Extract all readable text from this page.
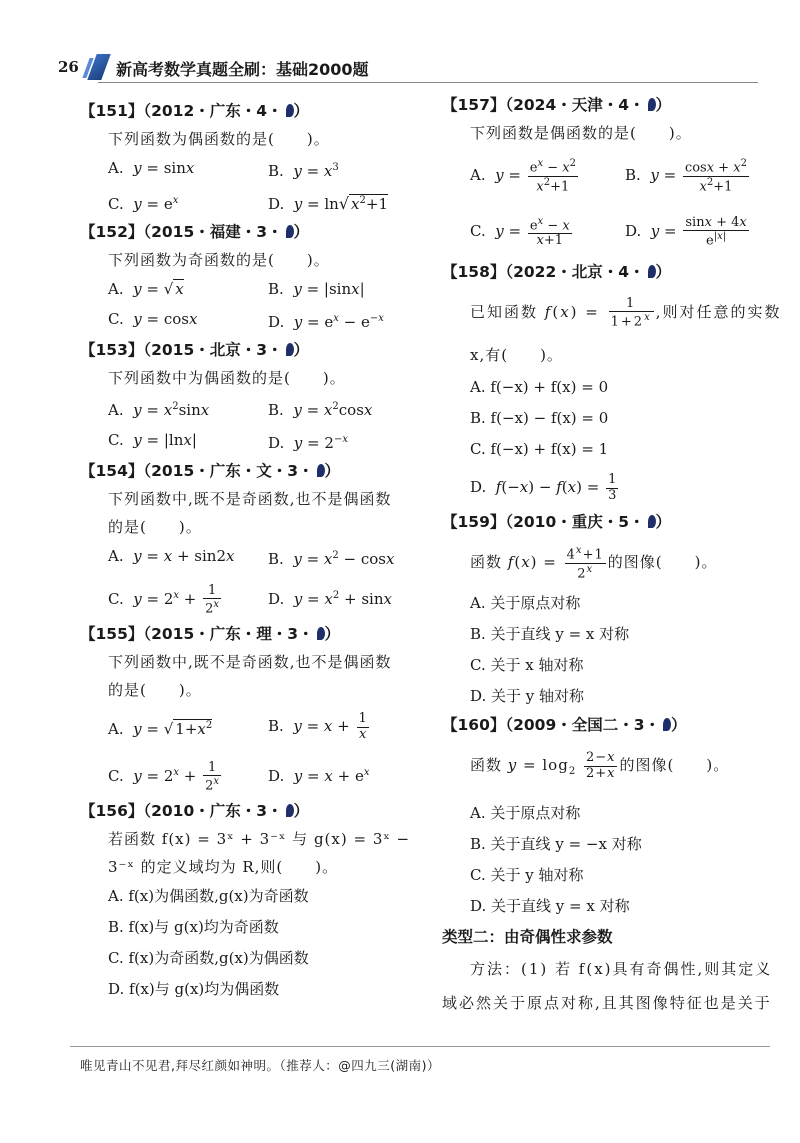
26 新高考数学真题全刷：基础2000题
【151】（2012・广东・4・ ）
下列函数为偶函数的是(　　)。
A.  y = sinx	B.  $y = x^3$
C.  $y = e^x$	D.  y = ln√ $x^2+1$
【152】（2015・福建・3・ ）
下列函数为奇函数的是(　　)。
A.  y = √ x	B.  y = |sinx|
C.  y = cosx	D.  $y = e^x - e^{-x}$
【153】（2015・北京・3・ ）
下列函数中为偶函数的是(　　)。
A.  $y = x^2\sin x$	B.  $y = x^2\cos x$
C.  y = |lnx|	D.  $y = 2^{-x}$
【154】（2015・广东・文・3・ ）
下列函数中,既不是奇函数,也不是偶函数
的是(　　)。
A.  y = x + sin2x	B.  $y = x^2 - \cos x$
C.  $y = 2^x + \frac{1}{2^x}$	D.  $y = x^2 + \sin x$
【155】（2015・广东・理・3・ ）
下列函数中,既不是奇函数,也不是偶函数
的是(　　)。
A.  y = √ $1+x^2$	B.  $y = x + \frac{1}{x}$
C.  $y = 2^x + \frac{1}{2^x}$	D.  $y = x + e^x$
【156】（2010・广东・3・ ）
若函数 f(x) = 3ˣ + 3⁻ˣ 与 g(x) = 3ˣ −
3⁻ˣ 的定义域均为 R,则(　　)。
A. f(x)为偶函数,g(x)为奇函数
B. f(x)与 g(x)均为奇函数
C. f(x)为奇函数,g(x)为偶函数
D. f(x)与 g(x)均为偶函数
【157】（2024・天津・4・ ）
下列函数是偶函数的是(　　)。
A.  $y = \frac{e^x - x^2}{x^2+1}$	B.  $y = \frac{\cos x + x^2}{x^2+1}$
C.  $y = \frac{e^x - x}{x+1}$	D.  $y = \frac{\sin x + 4x}{e^{|x|}}$
【158】（2022・北京・4・ ）
已知函数 $f(x) = \frac{1}{1+2^x}$ ,则对任意的实数
x,有(　　)。
A. f(−x) + f(x) = 0
B. f(−x) − f(x) = 0
C. f(−x) + f(x) = 1
D.  $f(-x) - f(x) = \frac{1}{3}$
【159】（2010・重庆・5・ ）
函数 $f(x) = \frac{4^x+1}{2^x}$ 的图像(　　)。
A. 关于原点对称
B. 关于直线 y = x 对称
C. 关于 x 轴对称
D. 关于 y 轴对称
【160】（2009・全国二・3・ ）
函数 $y = \log_2 \frac{2-x}{2+x}$ 的图像(　　)。
A. 关于原点对称
B. 关于直线 y = −x 对称
C. 关于 y 轴对称
D. 关于直线 y = x 对称
类型二：由奇偶性求参数
方法：(1) 若 f(x)具有奇偶性,则其定义域必然关于原点对称,且其图像特征也是关于
唯见青山不见君,拜尽红颜如神明。（推荐人：@四九三(湖南)）
